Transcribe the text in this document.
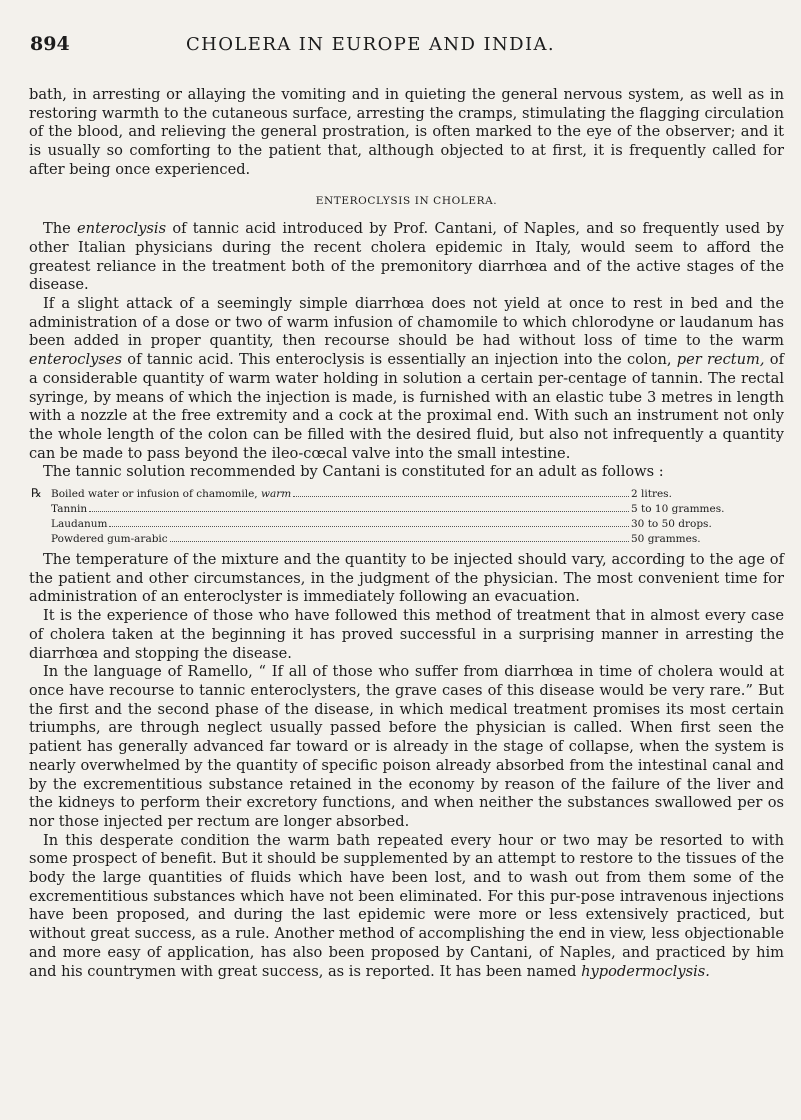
894	CHOLERA IN EUROPE AND INDIA.

bath, in arresting or allaying the vomiting and in quieting the general nervous system, as well as in restoring warmth to the cutaneous surface, arresting the cramps, stimulating the flagging circulation of the blood, and relieving the general prostration, is often marked to the eye of the observer; and it is usually so comforting to the patient that, although objected to at first, it is frequently called for after being once experienced.

ENTEROCLYSIS IN CHOLERA.

The enteroclysis of tannic acid introduced by Prof. Cantani, of Naples, and so frequently used by other Italian physicians during the recent cholera epidemic in Italy, would seem to afford the greatest reliance in the treatment both of the premonitory diarrhœa and of the active stages of the disease.

If a slight attack of a seemingly simple diarrhœa does not yield at once to rest in bed and the administration of a dose or two of warm infusion of chamomile to which chlorodyne or laudanum has been added in proper quantity, then recourse should be had without loss of time to the warm enteroclyses of tannic acid. This enteroclysis is essentially an injection into the colon, per rectum, of a considerable quantity of warm water holding in solution a certain per-centage of tannin. The rectal syringe, by means of which the injection is made, is furnished with an elastic tube 3 metres in length with a nozzle at the free extremity and a cock at the proximal end. With such an instrument not only the whole length of the colon can be filled with the desired fluid, but also not infrequently a quantity can be made to pass beyond the ileo-cœcal valve into the small intestine.

The tannic solution recommended by Cantani is constituted for an adult as follows :

℞ Boiled water or infusion of chamomile, warm	2 litres.
Tannin	5 to 10 grammes.
Laudanum	30 to 50 drops.
Powdered gum-arabic	50 grammes.

The temperature of the mixture and the quantity to be injected should vary, according to the age of the patient and other circumstances, in the judgment of the physician. The most convenient time for administration of an enteroclyster is immediately following an evacuation.

It is the experience of those who have followed this method of treatment that in almost every case of cholera taken at the beginning it has proved successful in a surprising manner in arresting the diarrhœa and stopping the disease.

In the language of Ramello, “ If all of those who suffer from diarrhœa in time of cholera would at once have recourse to tannic enteroclysters, the grave cases of this disease would be very rare.” But the first and the second phase of the disease, in which medical treatment promises its most certain triumphs, are through neglect usually passed before the physician is called. When first seen the patient has generally advanced far toward or is already in the stage of collapse, when the system is nearly overwhelmed by the quantity of specific poison already absorbed from the intestinal canal and by the excrementitious substance retained in the economy by reason of the failure of the liver and the kidneys to perform their excretory functions, and when neither the substances swallowed per os nor those injected per rectum are longer absorbed.

In this desperate condition the warm bath repeated every hour or two may be resorted to with some prospect of benefit. But it should be supplemented by an attempt to restore to the tissues of the body the large quantities of fluids which have been lost, and to wash out from them some of the excrementitious substances which have not been eliminated. For this pur-pose intravenous injections have been proposed, and during the last epidemic were more or less extensively practiced, but without great success, as a rule. Another method of accomplishing the end in view, less objectionable and more easy of application, has also been proposed by Cantani, of Naples, and practiced by him and his countrymen with great success, as is reported. It has been named hypodermoclysis.
